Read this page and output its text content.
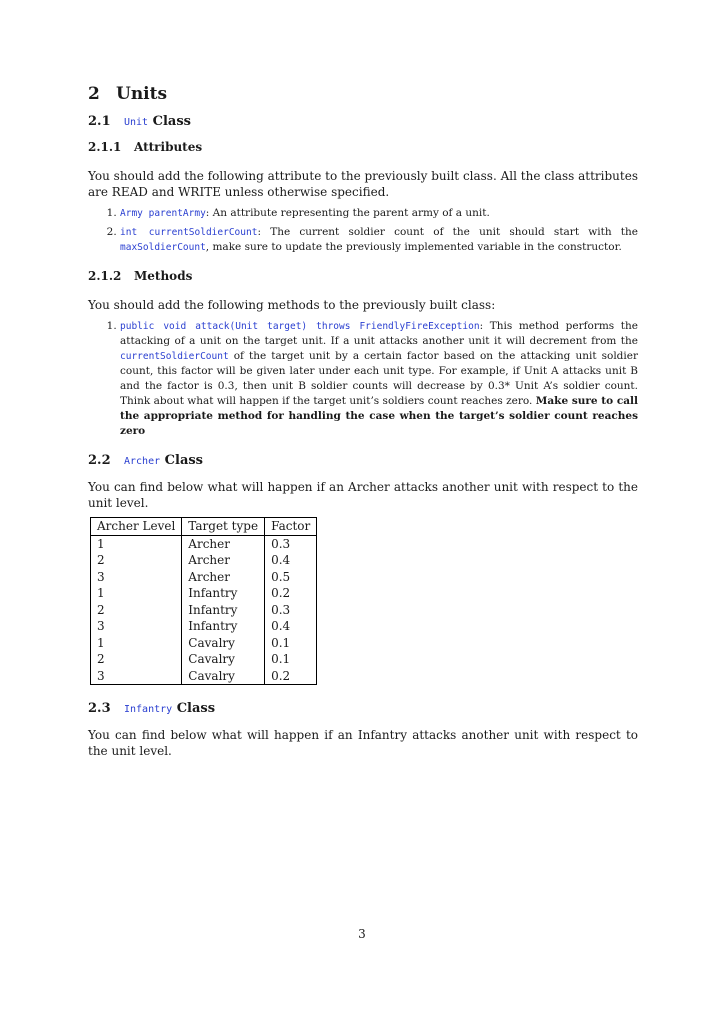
2 Units
2.1 Unit Class
2.1.1 Attributes

You should add the following attribute to the previously built class. All the class attributes are READ and WRITE unless otherwise specified.

1. Army parentArmy: An attribute representing the parent army of a unit.
2. int currentSoldierCount: The current soldier count of the unit should start with the maxSoldierCount, make sure to update the previously implemented variable in the constructor.
2.1.2 Methods

You should add the following methods to the previously built class:

1. public void attack(Unit target) throws FriendlyFireException: This method performs the attacking of a unit on the target unit. If a unit attacks another unit it will decrement from the currentSoldierCount of the target unit by a certain factor based on the attacking unit soldier count, this factor will be given later under each unit type. For example, if Unit A attacks unit B and the factor is 0.3, then unit B soldier counts will decrease by 0.3* Unit A’s soldier count. Think about what will happen if the target unit’s soldiers count reaches zero. Make sure to call the appropriate method for handling the case when the target’s soldier count reaches zero
2.2 Archer Class

You can find below what will happen if an Archer attacks another unit with respect to the unit level.

Archer Level	Target type	Factor
1	Archer	0.3
2	Archer	0.4
3	Archer	0.5
1	Infantry	0.2
2	Infantry	0.3
3	Infantry	0.4
1	Cavalry	0.1
2	Cavalry	0.1
3	Cavalry	0.2
2.3 Infantry Class

You can find below what will happen if an Infantry attacks another unit with respect to the unit level.

3
